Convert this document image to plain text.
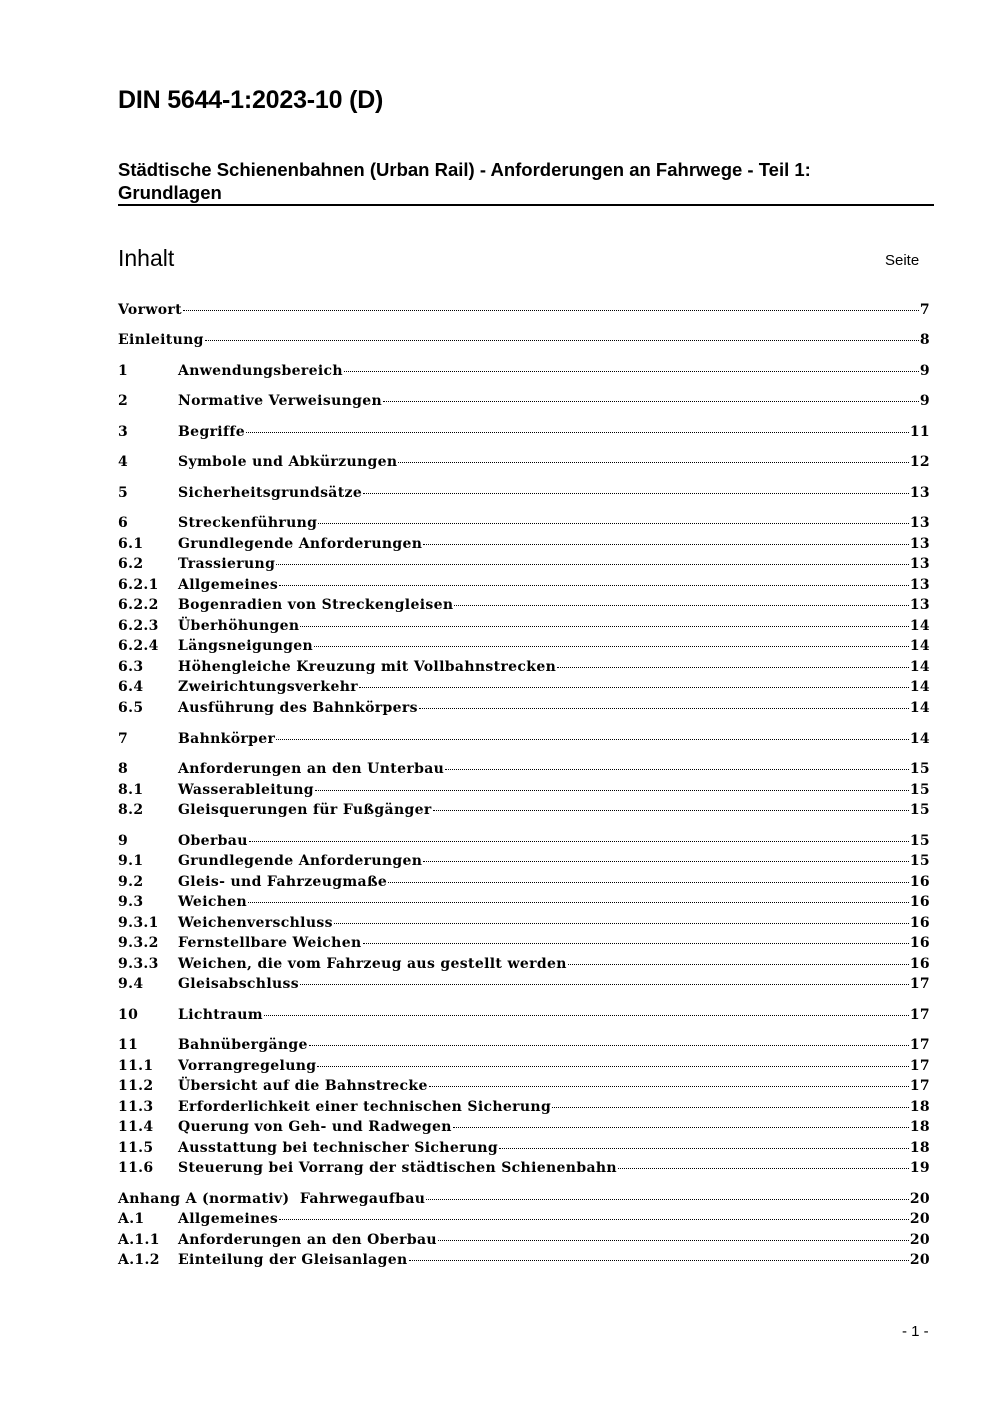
DIN 5644-1:2023-10 (D)
Städtische Schienenbahnen (Urban Rail) - Anforderungen an Fahrwege - Teil 1:
Grundlagen
Inhalt	Seite
Vorwort	7
Einleitung	8
1	Anwendungsbereich	9
2	Normative Verweisungen	9
3	Begriffe	11
4	Symbole und Abkürzungen	12
5	Sicherheitsgrundsätze	13
6	Streckenführung	13
6.1	Grundlegende Anforderungen	13
6.2	Trassierung	13
6.2.1	Allgemeines	13
6.2.2	Bogenradien von Streckengleisen	13
6.2.3	Überhöhungen	14
6.2.4	Längsneigungen	14
6.3	Höhengleiche Kreuzung mit Vollbahnstrecken	14
6.4	Zweirichtungsverkehr	14
6.5	Ausführung des Bahnkörpers	14
7	Bahnkörper	14
8	Anforderungen an den Unterbau	15
8.1	Wasserableitung	15
8.2	Gleisquerungen für Fußgänger	15
9	Oberbau	15
9.1	Grundlegende Anforderungen	15
9.2	Gleis- und Fahrzeugmaße	16
9.3	Weichen	16
9.3.1	Weichenverschluss	16
9.3.2	Fernstellbare Weichen	16
9.3.3	Weichen, die vom Fahrzeug aus gestellt werden	16
9.4	Gleisabschluss	17
10	Lichtraum	17
11	Bahnübergänge	17
11.1	Vorrangregelung	17
11.2	Übersicht auf die Bahnstrecke	17
11.3	Erforderlichkeit einer technischen Sicherung	18
11.4	Querung von Geh- und Radwegen	18
11.5	Ausstattung bei technischer Sicherung	18
11.6	Steuerung bei Vorrang der städtischen Schienenbahn	19
Anhang A (normativ)  Fahrwegaufbau	20
A.1	Allgemeines	20
A.1.1	Anforderungen an den Oberbau	20
A.1.2	Einteilung der Gleisanlagen	20
- 1 -
